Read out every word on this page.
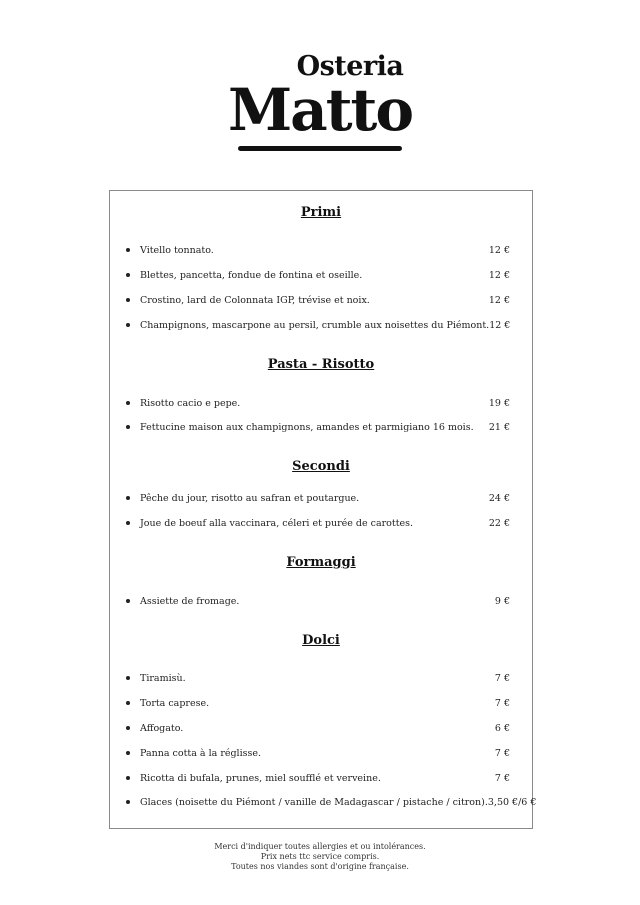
Osteria
Matto
Primi
Vitello tonnato.	12 €
Blettes, pancetta, fondue de fontina et oseille.	12 €
Crostino, lard de Colonnata IGP, trévise et noix.	12 €
Champignons, mascarpone au persil, crumble aux noisettes du Piémont. 12 €
Pasta - Risotto
Risotto cacio e pepe.	19 €
Fettucine maison aux champignons, amandes et parmigiano 16 mois. 21 €
Secondi
Pêche du jour, risotto au safran et poutargue.	24 €
Joue de boeuf alla vaccinara, céleri et purée de carottes.	22 €
Formaggi
Assiette de fromage.	9 €
Dolci
Tiramisù.	7 €
Torta caprese.	7 €
Affogato.	6 €
Panna cotta à la réglisse.	7 €
Ricotta di bufala, prunes, miel soufflé et verveine.	7 €
Glaces (noisette du Piémont / vanille de Madagascar / pistache / citron). 3,50 €/6 €
Merci d'indiquer toutes allergies et ou intolérances.
Prix nets ttc service compris.
Toutes nos viandes sont d'origine française.
